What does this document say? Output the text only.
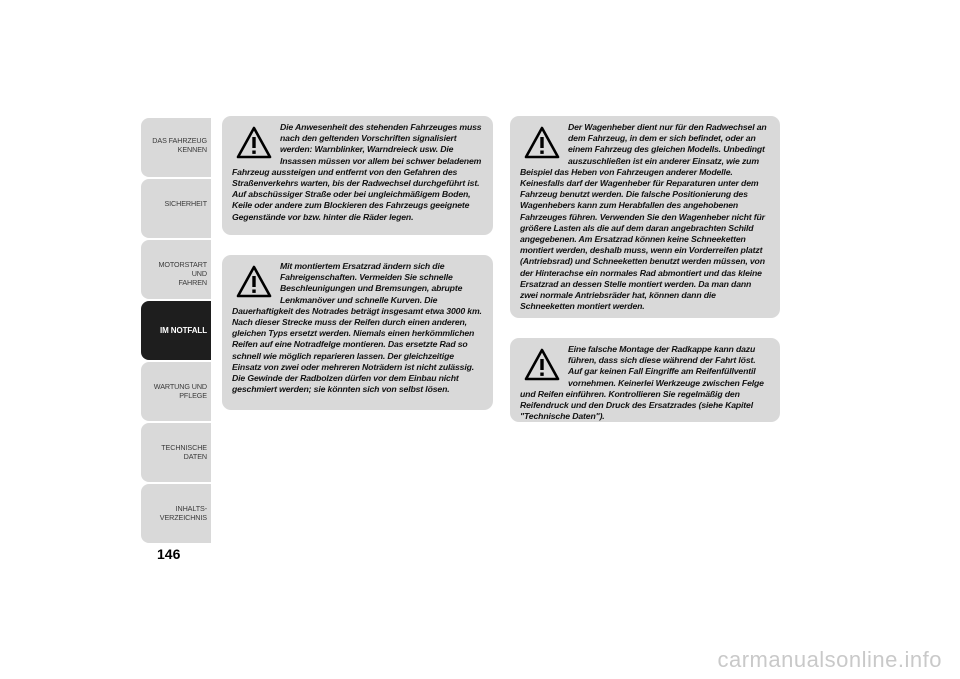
DAS FAHRZEUG
KENNEN
SICHERHEIT
MOTORSTART UND
FAHREN
IM NOTFALL
WARTUNG UND
PFLEGE
TECHNISCHE DATEN
INHALTS-
VERZEICHNIS
146

Die Anwesenheit des stehenden Fahrzeuges muss nach den geltenden Vorschriften signalisiert werden: Warnblinker, Warndreieck usw. Die Insassen müssen vor allem bei schwer beladenem Fahrzeug aussteigen und entfernt von den Gefahren des Straßenverkehrs warten, bis der Radwechsel durchgeführt ist. Auf abschüssiger Straße oder bei ungleichmäßigem Boden, Keile oder andere zum Blockieren des Fahrzeugs geeignete Gegenstände vor bzw. hinter die Räder legen.

Mit montiertem Ersatzrad ändern sich die Fahreigenschaften. Vermeiden Sie schnelle Beschleunigungen und Bremsungen, abrupte Lenkmanöver und schnelle Kurven. Die Dauerhaftigkeit des Notrades beträgt insgesamt etwa 3000 km. Nach dieser Strecke muss der Reifen durch einen anderen, gleichen Typs ersetzt werden. Niemals einen herkömmlichen Reifen auf eine Notradfelge montieren. Das ersetzte Rad so schnell wie möglich reparieren lassen. Der gleichzeitige Einsatz von zwei oder mehreren Noträdern ist nicht zulässig. Die Gewinde der Radbolzen dürfen vor dem Einbau nicht geschmiert werden; sie könnten sich von selbst lösen.

Der Wagenheber dient nur für den Radwechsel an dem Fahrzeug, in dem er sich befindet, oder an einem Fahrzeug des gleichen Modells. Unbedingt auszuschließen ist ein anderer Einsatz, wie zum Beispiel das Heben von Fahrzeugen anderer Modelle. Keinesfalls darf der Wagenheber für Reparaturen unter dem Fahrzeug benutzt werden. Die falsche Positionierung des Wagenhebers kann zum Herabfallen des angehobenen Fahrzeuges führen. Verwenden Sie den Wagenheber nicht für größere Lasten als die auf dem daran angebrachten Schild angegebenen. Am Ersatzrad können keine Schneeketten montiert werden, deshalb muss, wenn ein Vorderreifen platzt (Antriebsrad) und Schneeketten benutzt werden müssen, von der Hinterachse ein normales Rad abmontiert und das kleine Ersatzrad an dessen Stelle montiert werden. Da man dann zwei normale Antriebsräder hat, können dann die Schneeketten montiert werden.

Eine falsche Montage der Radkappe kann dazu führen, dass sich diese während der Fahrt löst. Auf gar keinen Fall Eingriffe am Reifenfüllventil vornehmen. Keinerlei Werkzeuge zwischen Felge und Reifen einführen. Kontrollieren Sie regelmäßig den Reifendruck und den Druck des Ersatzrades (siehe Kapitel "Technische Daten").

carmanualsonline.info
